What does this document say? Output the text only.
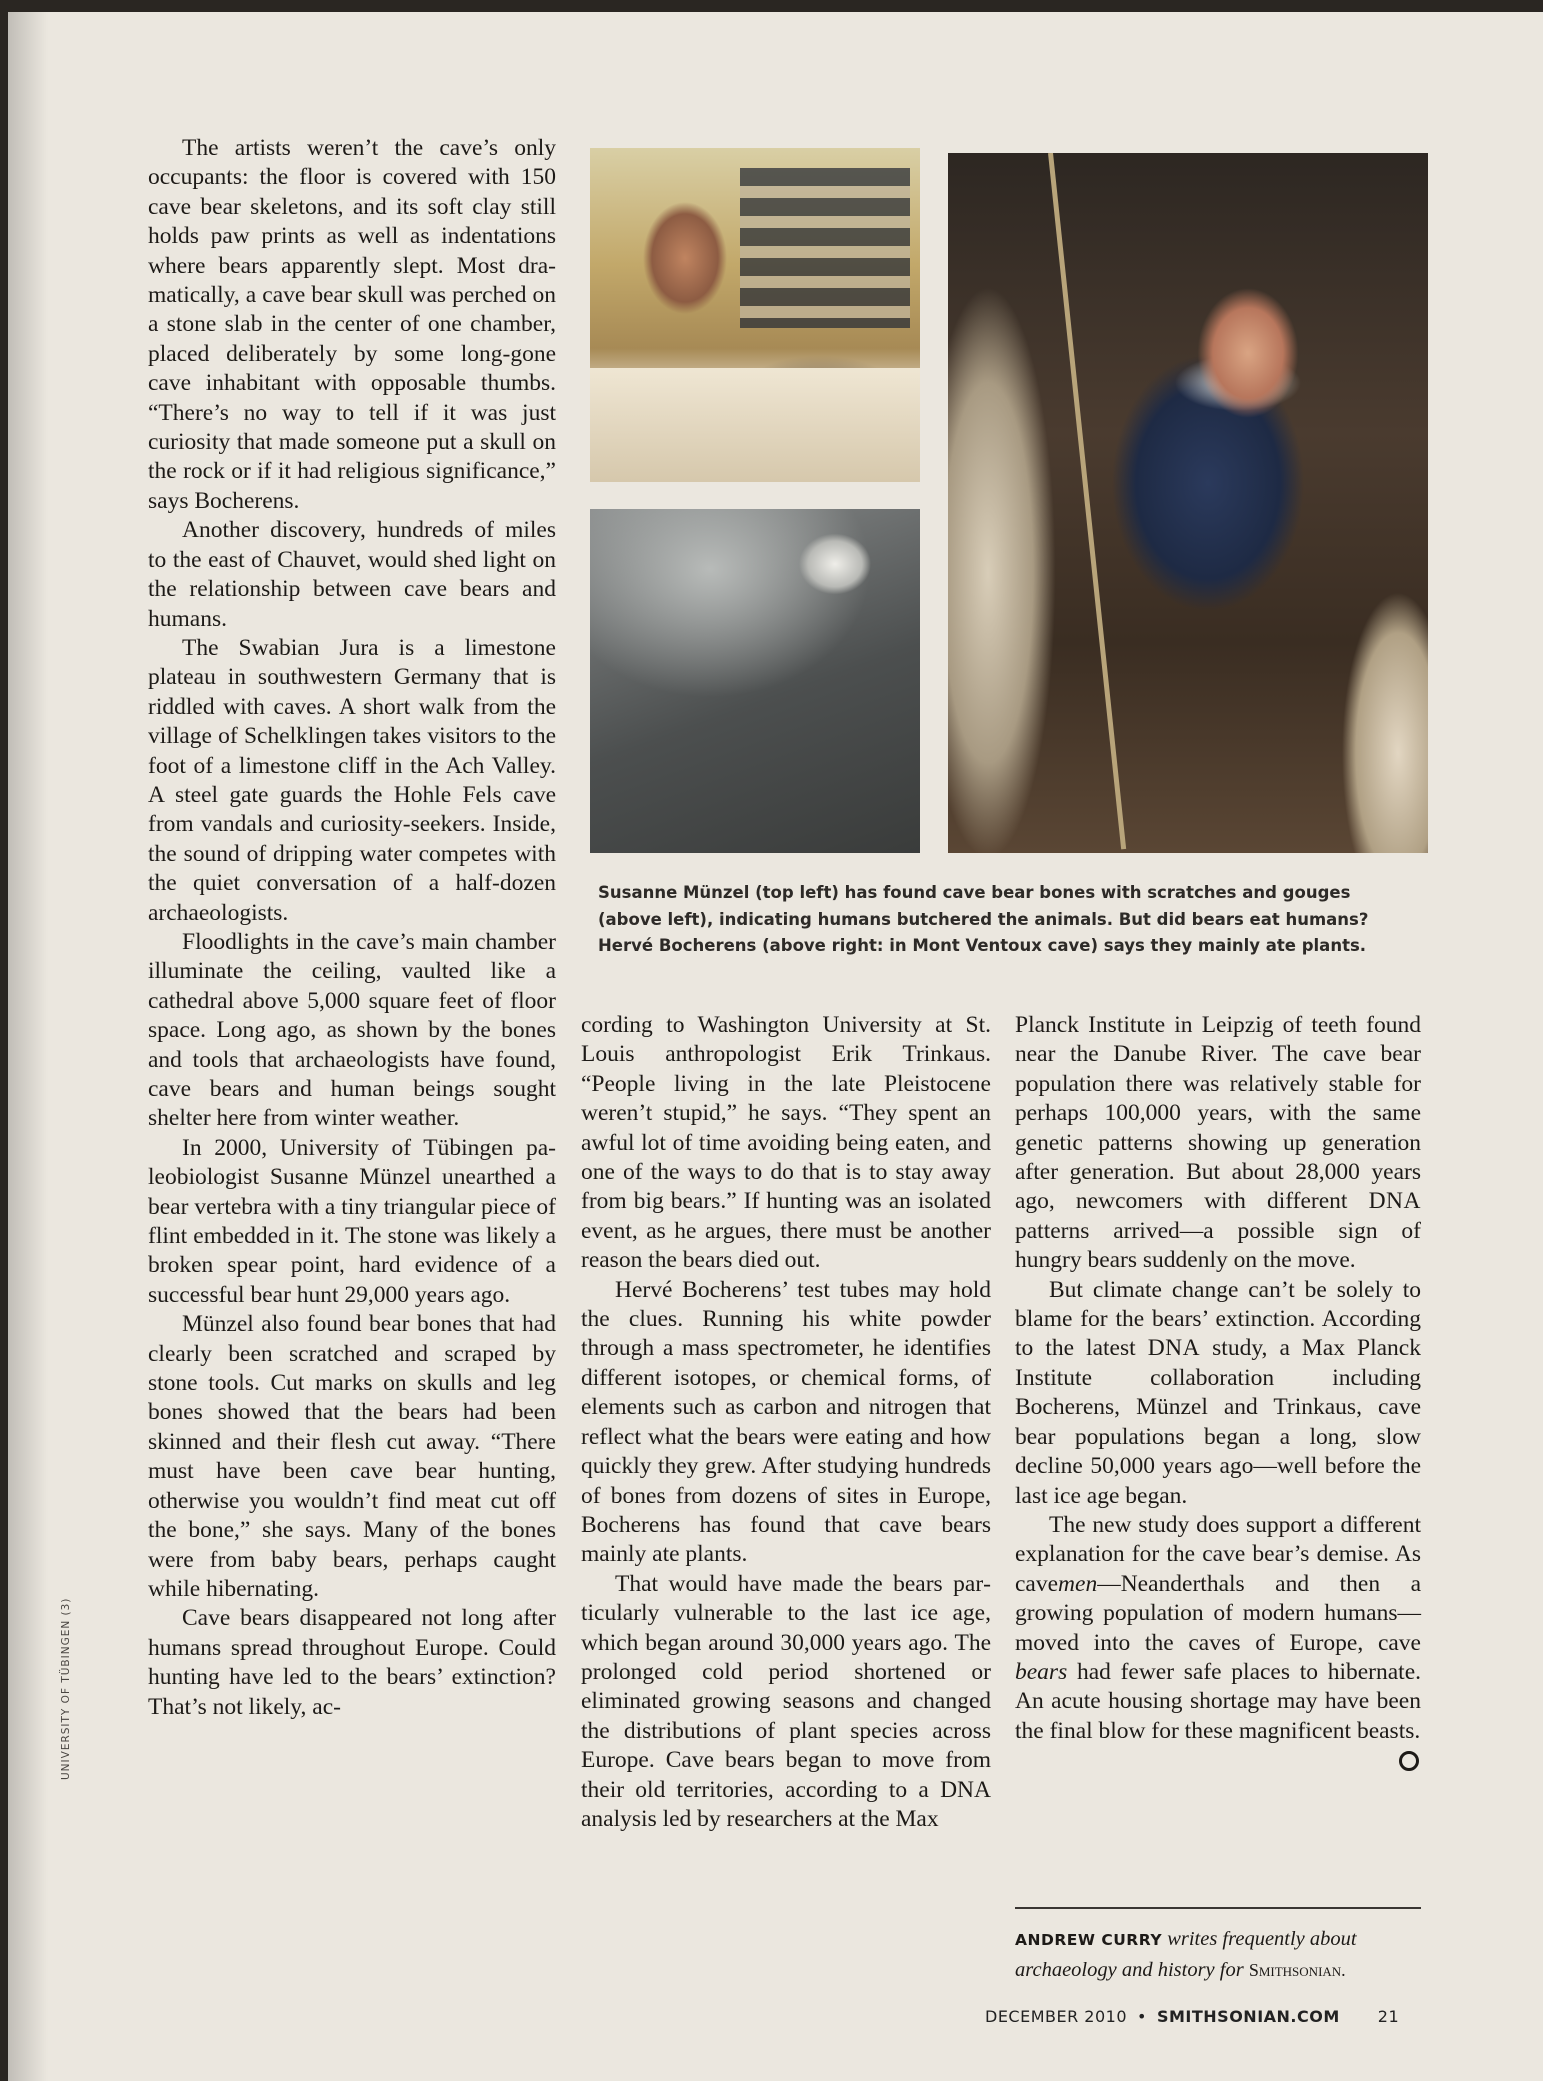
The artists weren’t the cave’s only occupants: the floor is covered with 150 cave bear skeletons, and its soft clay still holds paw prints as well as indentations where bears apparently slept. Most dramatically, a cave bear skull was perched on a stone slab in the center of one chamber, placed deliberately by some long-gone cave inhabitant with opposable thumbs. “There’s no way to tell if it was just curiosity that made someone put a skull on the rock or if it had religious significance,” says Bocherens.

Another discovery, hundreds of miles to the east of Chauvet, would shed light on the relationship between cave bears and humans.

The Swabian Jura is a limestone plateau in southwestern Germany that is riddled with caves. A short walk from the village of Schelklingen takes visitors to the foot of a limestone cliff in the Ach Valley. A steel gate guards the Hohle Fels cave from vandals and curiosity-seekers. Inside, the sound of dripping water competes with the quiet conversation of a half-dozen archaeologists.

Floodlights in the cave’s main chamber illuminate the ceiling, vaulted like a cathedral above 5,000 square feet of floor space. Long ago, as shown by the bones and tools that archaeologists have found, cave bears and human beings sought shelter here from winter weather.

In 2000, University of Tübingen paleobiologist Susanne Münzel unearthed a bear vertebra with a tiny triangular piece of flint embedded in it. The stone was likely a broken spear point, hard evidence of a successful bear hunt 29,000 years ago.

Münzel also found bear bones that had clearly been scratched and scraped by stone tools. Cut marks on skulls and leg bones showed that the bears had been skinned and their flesh cut away. “There must have been cave bear hunting, otherwise you wouldn’t find meat cut off the bone,” she says. Many of the bones were from baby bears, perhaps caught while hibernating.

Cave bears disappeared not long after humans spread throughout Europe. Could hunting have led to the bears’ extinction? That’s not likely, ac-

Susanne Münzel (top left) has found cave bear bones with scratches and gouges
(above left), indicating humans butchered the animals. But did bears eat humans?
Hervé Bocherens (above right: in Mont Ventoux cave) says they mainly ate plants.

cording to Washington University at St. Louis anthropologist Erik Trinkaus. “People living in the late Pleistocene weren’t stupid,” he says. “They spent an awful lot of time avoiding being eaten, and one of the ways to do that is to stay away from big bears.” If hunting was an isolated event, as he argues, there must be another reason the bears died out.

Hervé Bocherens’ test tubes may hold the clues. Running his white powder through a mass spectrometer, he identifies different isotopes, or chemical forms, of elements such as carbon and nitrogen that reflect what the bears were eating and how quickly they grew. After studying hundreds of bones from dozens of sites in Europe, Bocherens has found that cave bears mainly ate plants.

That would have made the bears particularly vulnerable to the last ice age, which began around 30,000 years ago. The prolonged cold period shortened or eliminated growing seasons and changed the distributions of plant species across Europe. Cave bears began to move from their old territories, according to a DNA analysis led by researchers at the Max

Planck Institute in Leipzig of teeth found near the Danube River. The cave bear population there was relatively stable for perhaps 100,000 years, with the same genetic patterns showing up generation after generation. But about 28,000 years ago, newcomers with different DNA patterns arrived—a possible sign of hungry bears suddenly on the move.

But climate change can’t be solely to blame for the bears’ extinction. According to the latest DNA study, a Max Planck Institute collaboration including Bocherens, Münzel and Trinkaus, cave bear populations began a long, slow decline 50,000 years ago—well before the last ice age began.

The new study does support a different explanation for the cave bear’s demise. As cavemen—Neanderthals and then a growing population of modern humans—moved into the caves of Europe, cave bears had fewer safe places to hibernate. An acute housing shortage may have been the final blow for these magnificent beasts.

ANDREW CURRY writes frequently about archaeology and history for Smithsonian.
UNIVERSITY OF TÜBINGEN (3)
DECEMBER 2010 • SMITHSONIAN.COM 21
